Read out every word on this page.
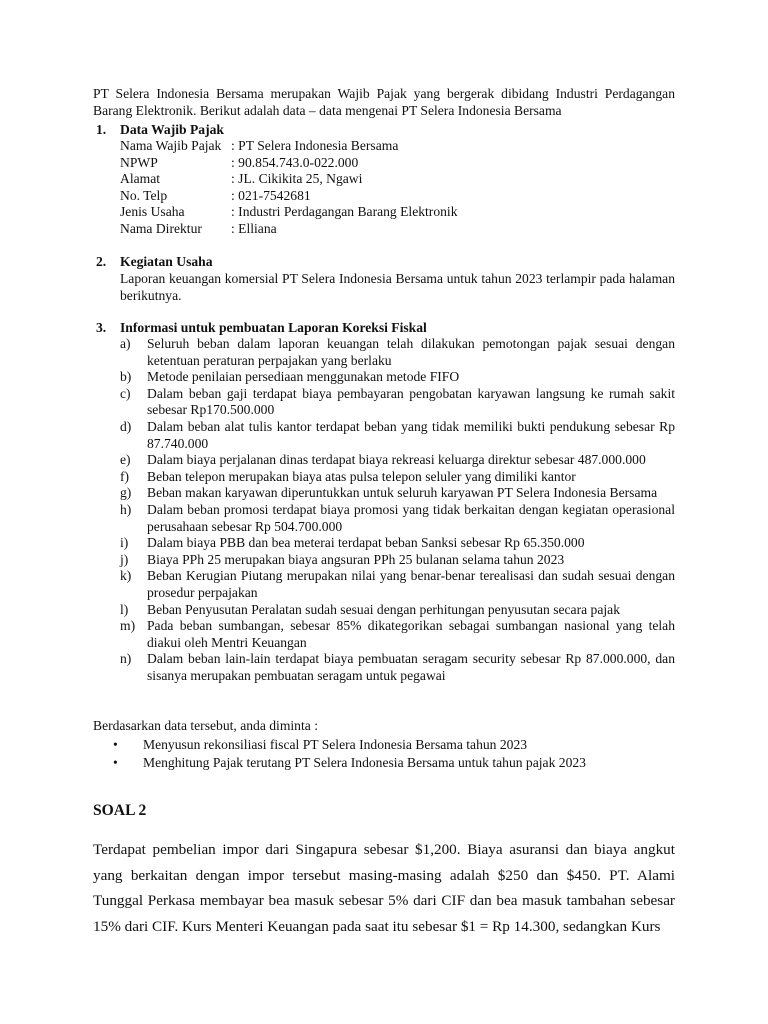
PT Selera Indonesia Bersama merupakan Wajib Pajak yang bergerak dibidang Industri Perdagangan Barang Elektronik. Berikut adalah data – data mengenai PT Selera Indonesia Bersama
1.	Data Wajib Pajak
Nama Wajib Pajak : PT Selera Indonesia Bersama
NPWP	: 90.854.743.0-022.000
Alamat	: JL. Cikikita 25, Ngawi
No. Telp	: 021-7542681
Jenis Usaha	: Industri Perdagangan Barang Elektronik
Nama Direktur	: Elliana
2.	Kegiatan Usaha
Laporan keuangan komersial PT Selera Indonesia Bersama untuk tahun 2023 terlampir pada halaman berikutnya.
3.	Informasi untuk pembuatan Laporan Koreksi Fiskal
a)	Seluruh beban dalam laporan keuangan telah dilakukan pemotongan pajak sesuai dengan ketentuan peraturan perpajakan yang berlaku
b)	Metode penilaian persediaan menggunakan metode FIFO
c)	Dalam beban gaji terdapat biaya pembayaran pengobatan karyawan langsung ke rumah sakit sebesar Rp170.500.000
d)	Dalam beban alat tulis kantor terdapat beban yang tidak memiliki bukti pendukung sebesar Rp 87.740.000
e)	Dalam biaya perjalanan dinas terdapat biaya rekreasi keluarga direktur sebesar 487.000.000
f)	Beban telepon merupakan biaya atas pulsa telepon seluler yang dimiliki kantor
g)	Beban makan karyawan diperuntukkan untuk seluruh karyawan PT Selera Indonesia Bersama
h)	Dalam beban promosi terdapat biaya promosi yang tidak berkaitan dengan kegiatan operasional perusahaan sebesar Rp 504.700.000
i)	Dalam biaya PBB dan bea meterai terdapat beban Sanksi sebesar Rp 65.350.000
j)	Biaya PPh 25 merupakan biaya angsuran PPh 25 bulanan selama tahun 2023
k)	Beban Kerugian Piutang merupakan nilai yang benar-benar terealisasi dan sudah sesuai dengan prosedur perpajakan
l)	Beban Penyusutan Peralatan sudah sesuai dengan perhitungan penyusutan secara pajak
m) Pada beban sumbangan, sebesar 85% dikategorikan sebagai sumbangan nasional yang telah diakui oleh Mentri Keuangan
n)	Dalam beban lain-lain terdapat biaya pembuatan seragam security sebesar Rp 87.000.000, dan sisanya merupakan pembuatan seragam untuk pegawai
Berdasarkan data tersebut, anda diminta :
•	Menyusun rekonsiliasi fiscal PT Selera Indonesia Bersama tahun 2023
•	Menghitung Pajak terutang PT Selera Indonesia Bersama untuk tahun pajak 2023
SOAL 2
Terdapat pembelian impor dari Singapura sebesar $1,200. Biaya asuransi dan biaya angkut yang berkaitan dengan impor tersebut masing-masing adalah $250 dan $450. PT. Alami Tunggal Perkasa membayar bea masuk sebesar 5% dari CIF dan bea masuk tambahan sebesar 15% dari CIF. Kurs Menteri Keuangan pada saat itu sebesar $1 = Rp 14.300, sedangkan Kurs
